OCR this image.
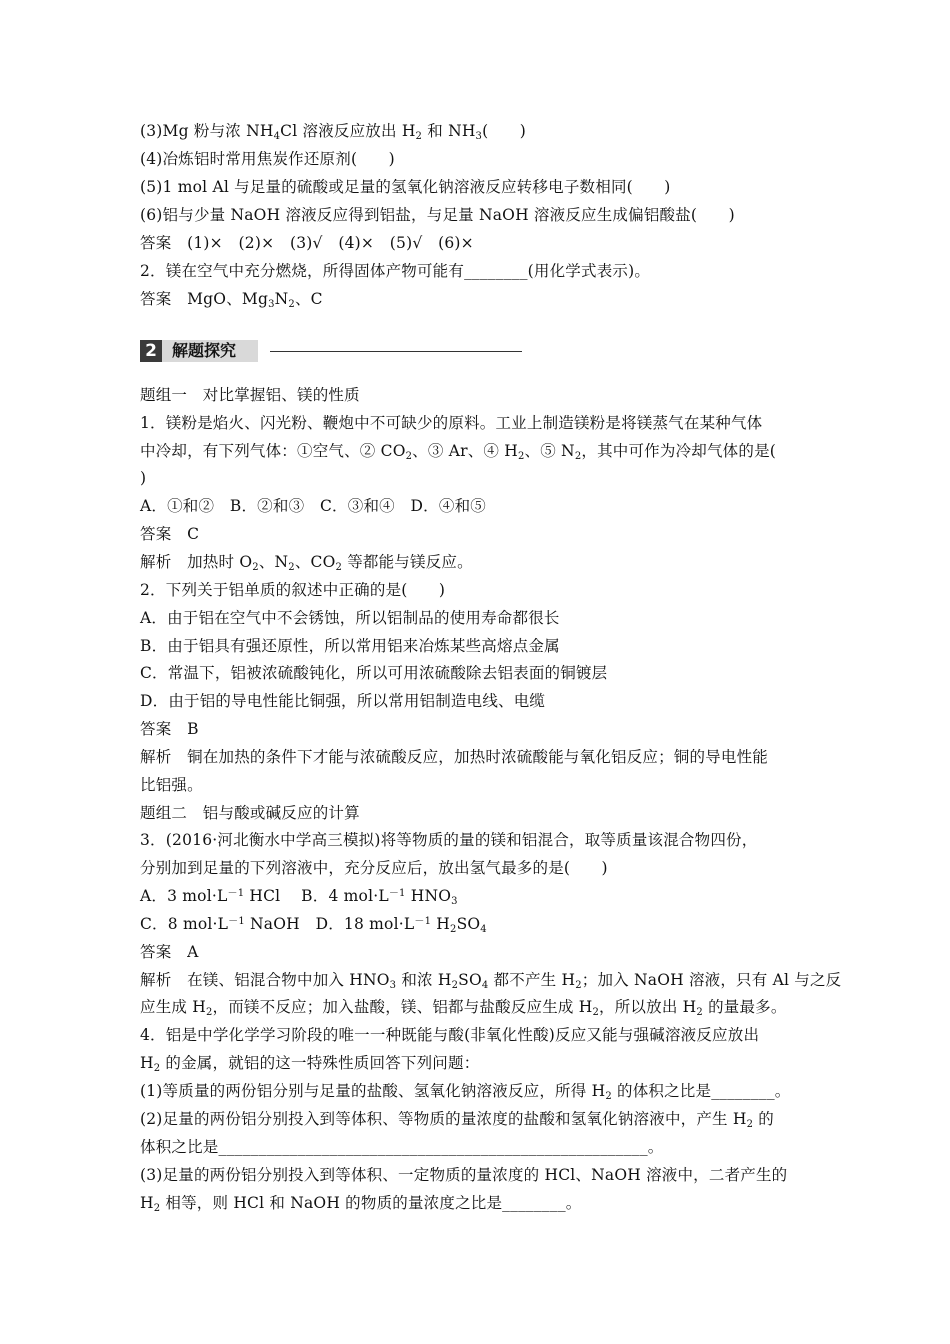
(3)Mg 粉与浓 $NH_4Cl$ 溶液反应放出 $H_2$ 和 $NH_3$(　　)
(4)冶炼铝时常用焦炭作还原剂(　　)
(5)1 mol Al 与足量的硫酸或足量的氢氧化钠溶液反应转移电子数相同(　　)
(6)铝与少量 NaOH 溶液反应得到铝盐，与足量 NaOH 溶液反应生成偏铝酸盐(　　)
答案　(1)×　(2)×　(3)√　(4)×　(5)√　(6)×
2．镁在空气中充分燃烧，所得固体产物可能有________(用化学式表示)。
答案　MgO、$Mg_3N_2$、C
2 解题探究
题组一　对比掌握铝、镁的性质
1．镁粉是焰火、闪光粉、鞭炮中不可缺少的原料。工业上制造镁粉是将镁蒸气在某种气体
中冷却，有下列气体：①空气、② $CO_2$、③ Ar、④ $H_2$、⑤ $N_2$，其中可作为冷却气体的是(
)
A．①和②　B．②和③　C．③和④　D．④和⑤
答案　C
解析　加热时 $O_2$、$N_2$、$CO_2$ 等都能与镁反应。
2．下列关于铝单质的叙述中正确的是(　　)
A．由于铝在空气中不会锈蚀，所以铝制品的使用寿命都很长
B．由于铝具有强还原性，所以常用铝来冶炼某些高熔点金属
C．常温下，铝被浓硫酸钝化，所以可用浓硫酸除去铝表面的铜镀层
D．由于铝的导电性能比铜强，所以常用铝制造电线、电缆
答案　B
解析　铜在加热的条件下才能与浓硫酸反应，加热时浓硫酸能与氧化铝反应；铜的导电性能
比铝强。
题组二　铝与酸或碱反应的计算
3．(2016·河北衡水中学高三模拟)将等物质的量的镁和铝混合，取等质量该混合物四份，
分别加到足量的下列溶液中，充分反应后，放出氢气最多的是(　　)
A．3 $mol\cdot L^{-1}$ HCl　 B．4 $mol\cdot L^{-1}$ $HNO_3$
C．8 $mol\cdot L^{-1}$ NaOH　D．18 $mol\cdot L^{-1}$ $H_2SO_4$
答案　A
解析　在镁、铝混合物中加入 $HNO_3$ 和浓 $H_2SO_4$ 都不产生 $H_2$；加入 NaOH 溶液，只有 Al 与之反
应生成 $H_2$，而镁不反应；加入盐酸，镁、铝都与盐酸反应生成 $H_2$，所以放出 $H_2$ 的量最多。
4．铝是中学化学学习阶段的唯一一种既能与酸(非氧化性酸)反应又能与强碱溶液反应放出
$H_2$ 的金属，就铝的这一特殊性质回答下列问题：
(1)等质量的两份铝分别与足量的盐酸、氢氧化钠溶液反应，所得 $H_2$ 的体积之比是________。
(2)足量的两份铝分别投入到等体积、等物质的量浓度的盐酸和氢氧化钠溶液中，产生 $H_2$ 的
体积之比是______________________________________________________。
(3)足量的两份铝分别投入到等体积、一定物质的量浓度的 HCl、NaOH 溶液中，二者产生的
$H_2$ 相等，则 HCl 和 NaOH 的物质的量浓度之比是________。
